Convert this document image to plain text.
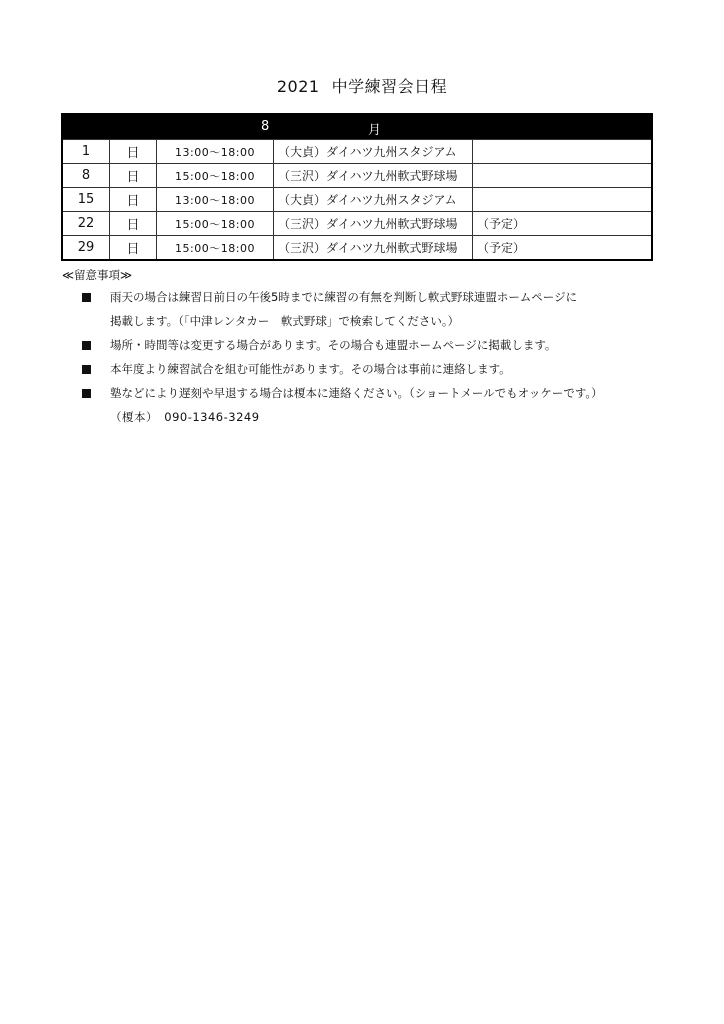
2021 中学練習会日程
8 月				

1	日	13:00～18:00	（大貞）ダイハツ九州スタジアム	
8	日	15:00～18:00	（三沢）ダイハツ九州軟式野球場	
15	日	13:00～18:00	（大貞）ダイハツ九州スタジアム	
22	日	15:00～18:00	（三沢）ダイハツ九州軟式野球場	（予定）
29	日	15:00～18:00	（三沢）ダイハツ九州軟式野球場	（予定）
≪留意事項≫
雨天の場合は練習日前日の午後5時までに練習の有無を判断し軟式野球連盟ホームページに
掲載します。（「中津レンタカー　軟式野球」で検索してください。）
場所・時間等は変更する場合があります。その場合も連盟ホームページに掲載します。
本年度より練習試合を組む可能性があります。その場合は事前に連絡します。
塾などにより遅刻や早退する場合は榎本に連絡ください。（ショートメールでもオッケーです。）
（榎本）　090-1346-3249
